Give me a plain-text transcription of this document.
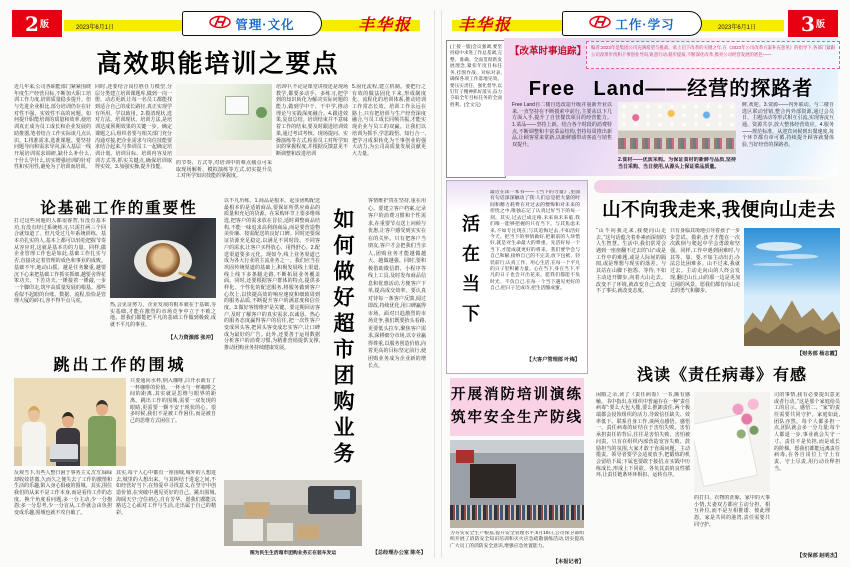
2 版	2023年6月1日	管理·文化	丰华报
高效职能培训之要点
近几年来,公司各职能部门紧紧围绕年度生产经营目标,不断加大职工培训工作力度,培训质量稳步提升。但与先进企业相比,部分培训仍存在针对性不强、实效性不高的问题。如何提升职能培训的质量和效率,使培训真正成为员工成长和企业发展的助推器,笔者结合工作实际谈几点认识。1.找准需求,选准课题。要坚持问题导向和需求导向,深入基层一线开展培训需求调研,缺什么补什么,干什么学什么,切实增强培训的针对性和实用性,避免为了培训而培训。
同时,还要结合岗位胜任力模型,分层分类建立培训课题库,做到一岗一册、动态更新,让每一名员工都能找到适合自己的成长路径,真正实现学有所用、学以致用。2.摸清现状,选对方法。培训现状、培训方法,是培训达成预期效果的关键一步。确定课题之后,组织者要与相关部门充分沟通对接,把企业需求与岗位技能要求结合起来,与参训员工一起确定培训计划、培训目标、培训内容及培训方式等,抓实关键点,确保培训取得实效。3.加强实操,提升技能。
的节奏、方式等,对培训中的难点痛点可采取现场解析、模拟演练等方式,切实提升员工对所学知识技能的掌握度。
培训中,不论是课堂讲授还是现场教学,都要多动手、多练习,把学到的知识转化为解决实际问题的能力,做到学中干、干中学,推动理论与实践深度融合。4.跟进效果,复盘总结。培训结束并不意味着工作的结束,要及时跟进培训效果,通过考试考核、现场提问、实操演练等方式,检验员工对所学知识的掌握程度,并根据反馈意见不断调整和改进培训
5.固化流程,建立机制。要把行之有效的做法固化下来,形成制度化、流程化的培训体系,推动培训工作常态长效。培训工作永远在路上,只有把培训与生产经营深度融合,与员工成长同频共振,才能实现企业与员工的双赢。让我们以培训为抓手,学思践悟、知行合一,把学习成果转化为干事创业的强大动力,为公司高质量发展贡献更大力量。
论基础工作的重要性
打过这些问题的人都很睿智,有没有基本功,有没有经过系统练习,只需打两三个回合就知道了。但凡受过几年系统训练、基本功扎实的人,基本上都可以轻松把握节奏从容应对,这就是基本功的力量。同样,做企业管理工作也是如此,基础工作扎实与否,直接决定着管理的成色和事业的成败。基础不牢,地动山摇。越是任务繁重,越要沉下心来把基础工作抓实抓细,越要舍得花笨功夫、下苦功夫,一锤接着一锤敲,一步一个脚印走,筑牢高质量发展的根基。那些看似不起眼的台账、数据、流程,恰恰是管理大厦的砖石,容不得半点马虎。
热,会见证努力。企业发展的根本就在于基础,夯实基础,才能在激烈的市场竞争中立于不败之地。愿我们都能把平凡的基础工作做到极致,成就不平凡的事业。
【人力资源部 张冲】
跳出工作的围城
只要通向水杯,倒入咖啡,白开水就有了一杯咖啡的价值。一杯水与一杯咖啡之间的距离,其实就是思维与眼界的距离。跳出工作的围城,需要一双发现的眼睛,更需要一颗不安于现状的心。很多时候,我们不是被工作困住,而是被自己的思维方式困住了。
反观当下,有些人整日困于事务主义,忙忙碌碌却收效甚微,久而久之便失去了工作的激情和生活的乐趣,陷入身心俱疲的围城。其实,围住我们的从来不是工作本身,而是看待工作的态度。换个角度看问题,多一分主动,少一分抱怨;多一分思考,少一分盲从,工作就会由负担变成乐趣,围城也就不攻自破了。
其实,每个人心中都有一座围城,城外的人想进去,城里的人想出来。与其纠结于进退之间,不如经营好当下,在热爱中寻找意义,在坚守中创造价值,在突破中遇见更好的自己。跳出围城,海阔天空;守住初心,自有芳华。愿我们都能以豁达之心面对工作与生活,走出属于自己的精彩。
以不凡历练。1.商品是根本。起步团购配送最根本的是适销商品,要保证所供应商品的质量和充足的货源。在采购环节上要多维筛选,把客户的需求放在首位,适时调整商品结构,不能一味追求高利润商品,而是要营造物美价廉、按需配送的良好口碑。同时还要保证货源充足稳定,以满足不同时段、不同客户的需求,让客户买得放心、用得舒心。2.配送渠道要多元化。现如今,线上业务渠道已成为各大行业的主流业务之一。我们应当在巩固传统渠道的基础上,积极发展线上渠道,线上线下多条腿走路,不断拓展业务覆盖面。同时,还要根据客户群体的特点,提供多样化、个性化的配送服务,将服务做到客户心坎上,以快捷高效的响应速度和细致周到的服务品质,不断提升客户的满意度和信任度。3.做好客情维护是关键。要定期回访客户,及时了解客户的真实需求,以诚恳、热心的服务态度赢得客户的信任,把一次性客户变成回头客,把回头客变成忠实客户,让口碑成为最好的广告。此外,还要善于运用数据分析客户的消费习惯,为精准营销提供支撑,推动团购业务持续健康发展。	如何做好超市团购业务
客情维护贵在坚持,重在用心。要建立客户档案,记录客户的消费习惯和个性需求,在重要节点送上问候与优惠,让客户感受到实实在在的关怀。只有把客户当朋友,客户才会把我们当亲人,团购业务才能越做越大、越做越强。同时,要积极借助微信群、小程序等线上工具,及时发布商品信息和优惠活动,方便客户下单,提高成交效率。要认真对待每一条客户反馈,闻过即改,持续优化,用口碑赢得市场。面对日趋激烈的市场竞争,我们既要抬头看路,更要低头拉车,聚焦客户需求,深耕细分市场,以专业赢得尊重,以服务创造价值,向着更高的目标坚定前行,使团购业务成为企业新的增长点。
图为民生生活超市团购业务正在装车发运	【总经理办公室 陈冬】
丰华报	工作·学习	2023年6月1日 3 版
(上接一版)会议强调,要坚持稳中求进工作总基调,完整、准确、全面贯彻新发展理念,紧扣年度目标任务,挂图作战、对标对表,确保各项工作落地见效。要压实责任、强化督导,以钉钉子精神抓好落实,奋力夺取全年目标任务的全面胜利。(全文完)
【改革时事追踪】	编者:2023年是集团公司充满希望与挑战、承上启下改革的关键之年,在《2023年公司改革方案补充意见》的指导下,各部门紧跟公司改革步伐和干事创业导向,锐意行动,稳步提质,不断深化改革,擦亮公司经营发展的底色——
Free Land——经营的探路者
Free Land自二楼自选改造升级并重新开业以来,一直坚持在不断摸索中前行,主要从以下几方面入手,提升了自营餐饮项目的经营能力。1.菜品——坚持上新。结合各个时段的消费特点,不断调整和丰富菜品结构,坚持每周推出新品,让顾客常来常新,以新鲜感带动客流与销售双提升。
2.食材——优质采购。为保证食材的新鲜与品质,坚持当日采购、当日使用,从源头上保证菜品质量。
鲜,欢迎。3.资源——内外联动。与二楼自选区联动营销,整合内外部资源,通过会员日、主题活动等形式相互引流,实现客流互通、资源共享,放大整体经营效应。4.服务——规范标准。从迎宾问候到出餐速度,每个环节都有章可循,持续提升顾客就餐体验,当好经营的探路者。
活在当下
最近在读一本书——《当下的力量》,里面有句话深深触动了我:人们总是把大量的时间和精力耗费在对过去的懊悔和对未来的担忧之中,唯独忘记了认真过好当下的每一刻。其实,过去已成定格,未来尚未来临,我们唯一能够把握的只有当下。与其焦虑未来,不如专注现在;与其追悔过去,不如活好今天。把当下的事情做好,把眼前的人珍惜好,就是对生命最大的尊重。先活好每一个当下,才能成就更好的将来。我们要学会与自己和解,接纳自己的不完美,放下包袱、轻装前行,认真工作、用心生活,在每一个平凡的日子里积蓄力量。心在当下,身在当下,平凡的日子也会开出花来。愿我们都能不负时光、不负自己,在每一个当下遇见更好的自己,把日子过成诗,把生活酿成蜜。
【大客户管理部 叶梅】
山不向我走来,我便向山走去
“山不向我走来,我便向山走去。”这句话蕴含着朴素而深刻的人生智慧。生活中,我们常常会遇到一座座翻不过去的“山”:或是工作中的难题,或是人际间的隔阂,或是理想与现实的落差。与其站在山脚下抱怨、等待,不如主动迈开脚步,向着大山走去。改变不了环境,就改变自己;改变不了事实,就改变态度。
只有身临其境地引导着孩子一步步尝试、摸索,孩子才能在一次次跌倒与爬起中学会勇敢和坚强。同样,工作中遇到困难时,与其等、靠、要,不如主动出击,办法总比困难多。山不过来,我就过去。主动走向山的人终会发现,翻过山丘,山的那一边是更加辽阔的风景。愿我们都有向山走去的勇气和脚步。
【财务部 杨志霞】
开展消防培训演练
筑牢安全生产防线
为夯实安全生产根基,提升安全管理水平,5月19日,公司保卫部组织开展了消防安全知识培训和灭火应急疏散演练活动,切实提高广大员工的消防安全意识,增强应急处置能力。
【本报记者】
浅读《责任病毒》有感
闲暇之余,读了《责任病毒》一书,颇有感触。书中指出,在组织中普遍存在一种“责任病毒”:要么大包大揽,要么推卸责任,两个极端都会侵蚀组织的活力,导致信任缺失、效率低下。联系自身工作,谈两点感悟。感悟一、责任病毒的症结在于害怕失败。害怕承担责任的背后,往往是害怕失败、害怕被问责。只有在组织内部营造宽容失败、鼓励担当的氛围,大家才敢于直面问题、主动揽责。领导者要学会适度放手,把锻炼的机会留给下属;下属也要敢于接招,在实践中历练成长,形成上下同欲、各负其责的良性循环,让责任链条环环相扣、运转有序。
的打扫、衣物的洗晾、家中的大事小情,夫妻双方都应主动分担、相互补位,而不是互相推诿、彼此埋怨。家是共同的港湾,责任需要共同守护。
司的事情,我有必要提出意见或者行动。”这是那个家庭给员工的启示。感悟二、“家”的责任需要共同守护。家庭如此,团队亦然。每个人都多担一点,团队就会多一分力量;每个人都退一步,事业就会失守一寸。责任不是负担,而是成长的阶梯。愿我们都能远离责任病毒,在各自岗位上守土有责、守土尽责,用行动诠释担当。
【安保部 赵明杰】
